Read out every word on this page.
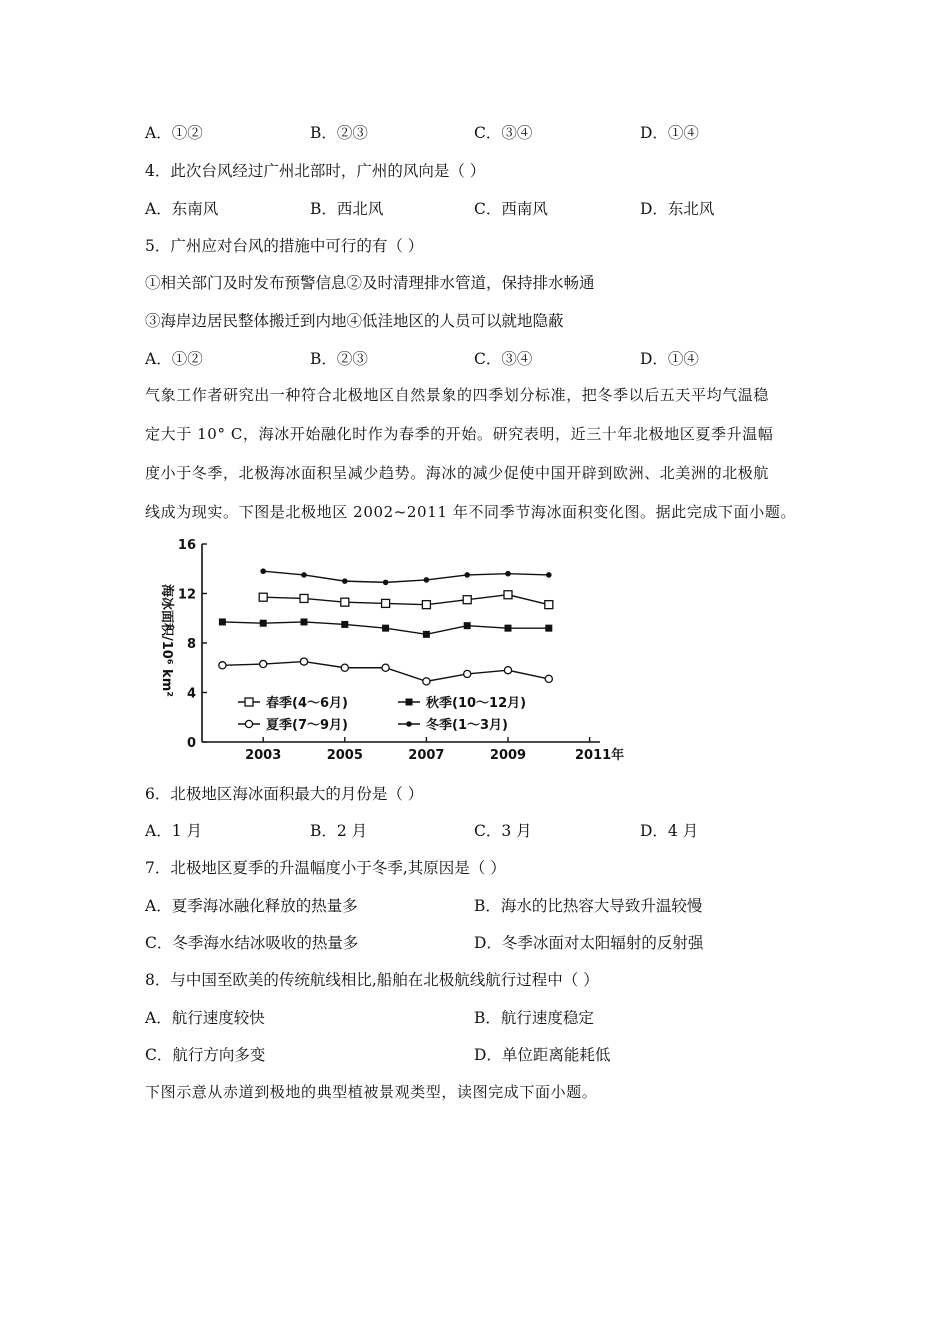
A．①②	B．②③	C．③④	D．①④
4．此次台风经过广州北部时，广州的风向是（ ）
A．东南风	B．西北风	C．西南风	D．东北风
5．广州应对台风的措施中可行的有（ ）
①相关部门及时发布预警信息②及时清理排水管道，保持排水畅通
③海岸边居民整体搬迁到内地④低洼地区的人员可以就地隐蔽
A．①②	B．②③	C．③④	D．①④
气象工作者研究出一种符合北极地区自然景象的四季划分标准，把冬季以后五天平均气温稳
定大于 10° C，海冰开始融化时作为春季的开始。研究表明，近三十年北极地区夏季升温幅
度小于冬季，北极海冰面积呈减少趋势。海冰的减少促使中国开辟到欧洲、北美洲的北极航
线成为现实。下图是北极地区 2002~2011 年不同季节海冰面积变化图。据此完成下面小题。
0
4
8
12
16
2003	2005	2007	2009	2011年
春季(4～6月)	秋季(10～12月)
夏季(7～9月)	冬季(1～3月)
海冰面积/10⁶ km²
6．北极地区海冰面积最大的月份是（ ）
A．1 月	B．2 月	C．3 月	D．4 月
7．北极地区夏季的升温幅度小于冬季,其原因是（ ）
A．夏季海冰融化释放的热量多	B．海水的比热容大导致升温较慢
C．冬季海水结冰吸收的热量多	D．冬季冰面对太阳辐射的反射强
8．与中国至欧美的传统航线相比,船舶在北极航线航行过程中（ ）
A．航行速度较快	B．航行速度稳定
C．航行方向多变	D．单位距离能耗低
下图示意从赤道到极地的典型植被景观类型，读图完成下面小题。
